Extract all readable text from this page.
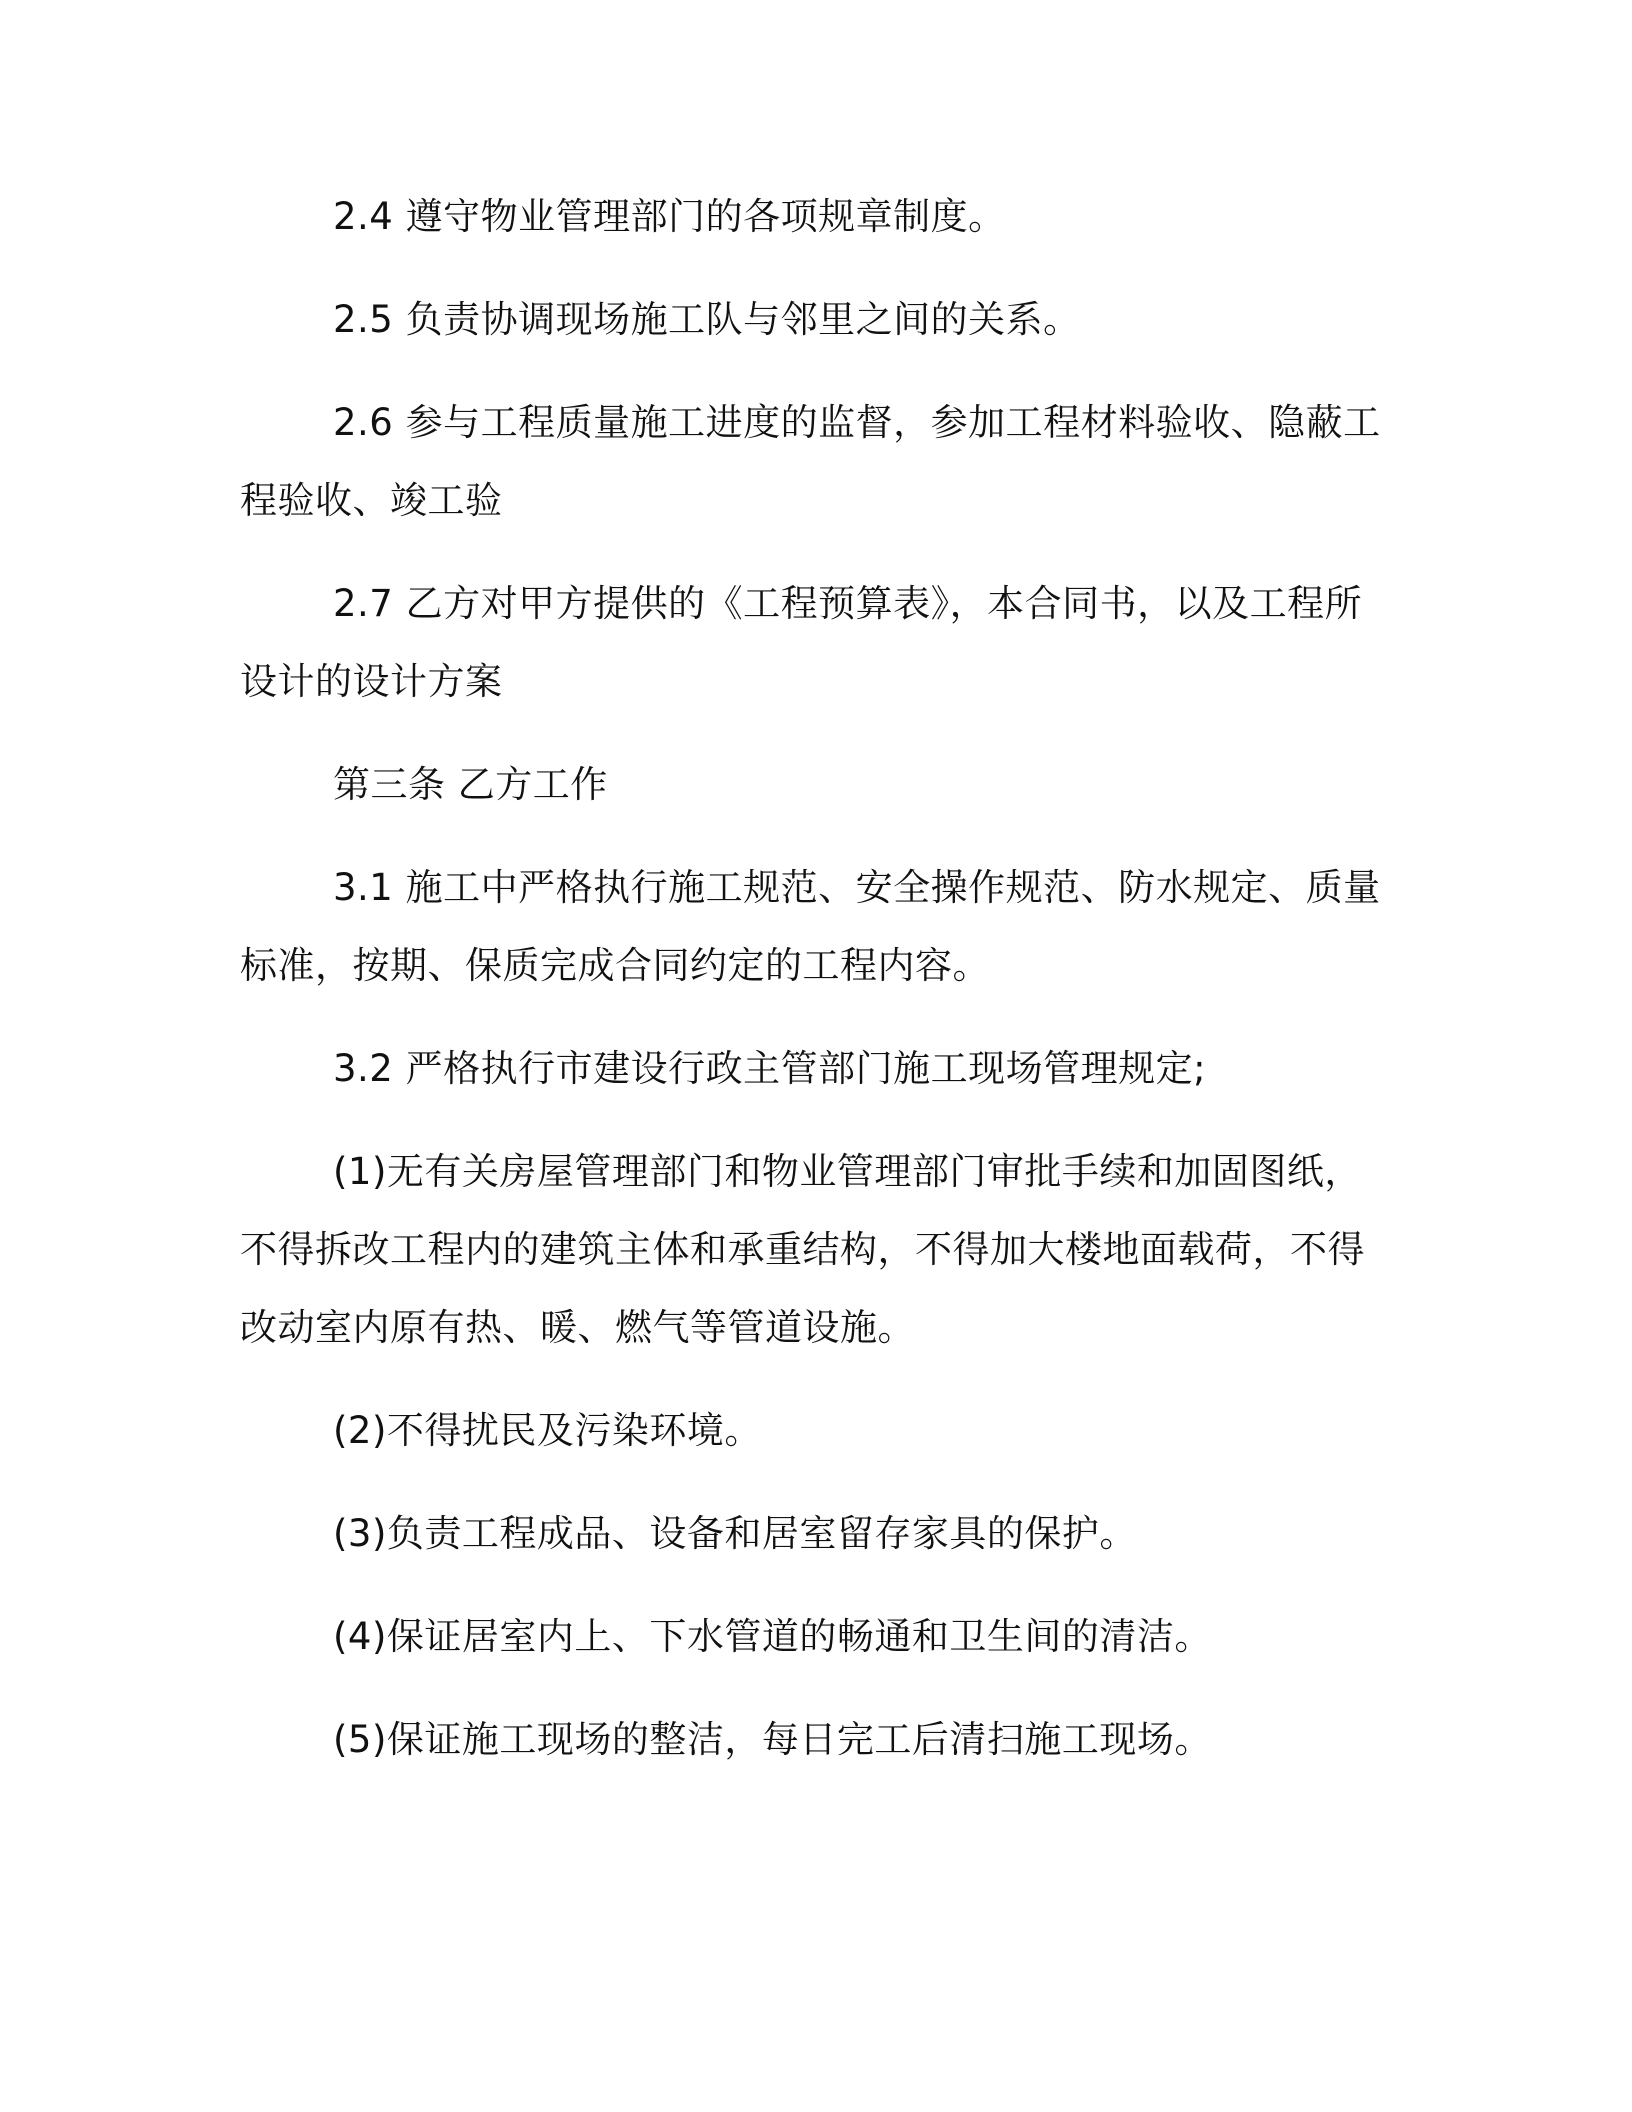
2.4 遵守物业管理部门的各项规章制度。
2.5 负责协调现场施工队与邻里之间的关系。
2.6 参与工程质量施工进度的监督，参加工程材料验收、隐蔽工
程验收、竣工验
2.7 乙方对甲方提供的《工程预算表》，本合同书，以及工程所
设计的设计方案
第三条 乙方工作
3.1 施工中严格执行施工规范、安全操作规范、防水规定、质量
标准，按期、保质完成合同约定的工程内容。
3.2 严格执行市建设行政主管部门施工现场管理规定;
(1)无有关房屋管理部门和物业管理部门审批手续和加固图纸，
不得拆改工程内的建筑主体和承重结构，不得加大楼地面载荷，不得
改动室内原有热、暖、燃气等管道设施。
(2)不得扰民及污染环境。
(3)负责工程成品、设备和居室留存家具的保护。
(4)保证居室内上、下水管道的畅通和卫生间的清洁。
(5)保证施工现场的整洁，每日完工后清扫施工现场。
